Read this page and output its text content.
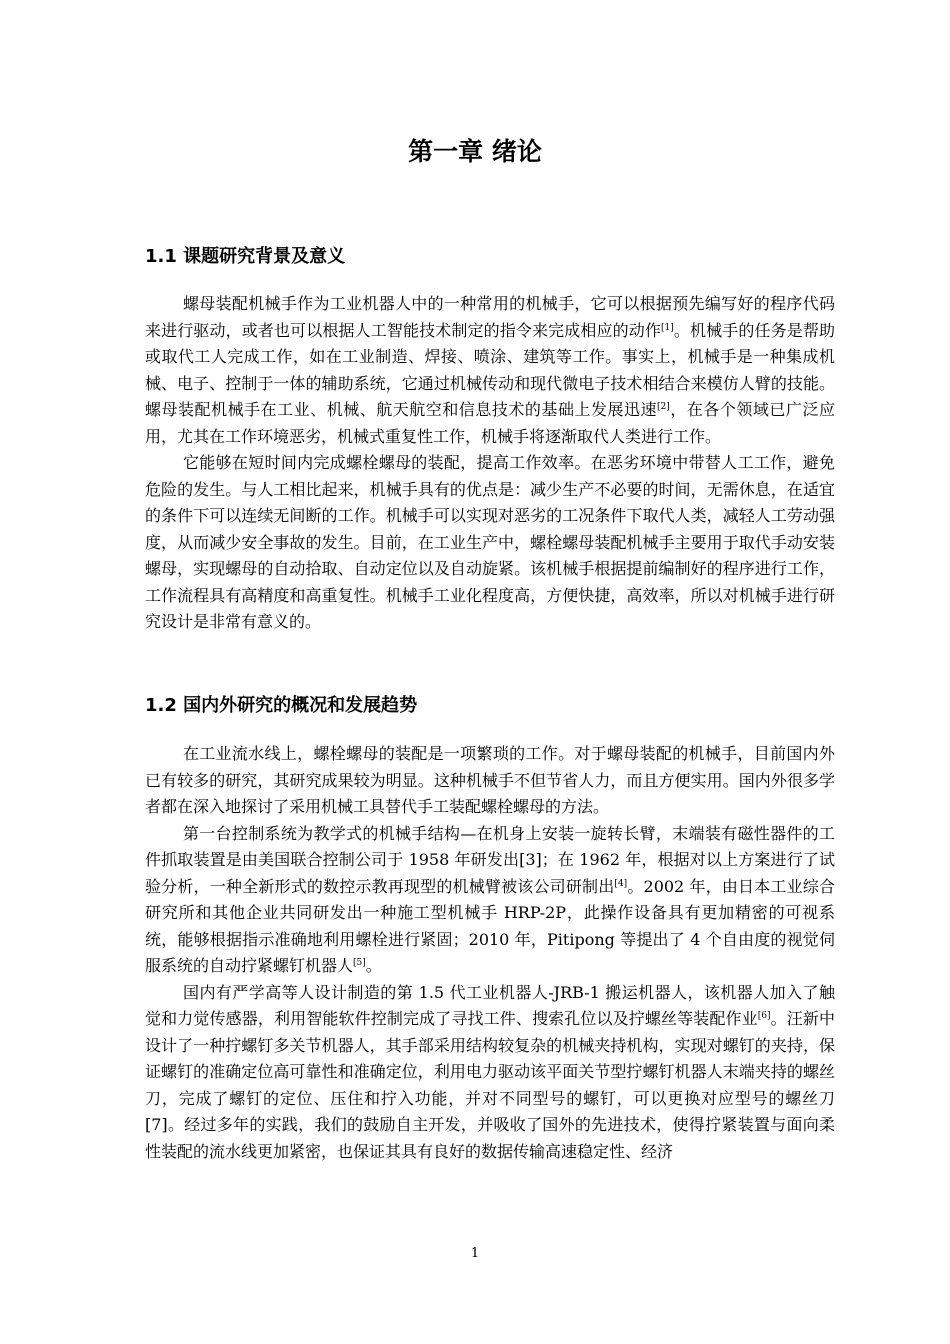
第一章 绪论
1.1 课题研究背景及意义

螺母装配机械手作为工业机器人中的一种常用的机械手，它可以根据预先编写好的程序代码来进行驱动，或者也可以根据人工智能技术制定的指令来完成相应的动作[1]。机械手的任务是帮助或取代工人完成工作，如在工业制造、焊接、喷涂、建筑等工作。事实上，机械手是一种集成机械、电子、控制于一体的辅助系统，它通过机械传动和现代微电子技术相结合来模仿人臂的技能。螺母装配机械手在工业、机械、航天航空和信息技术的基础上发展迅速[2]，在各个领域已广泛应用，尤其在工作环境恶劣，机械式重复性工作，机械手将逐渐取代人类进行工作。

它能够在短时间内完成螺栓螺母的装配，提高工作效率。在恶劣环境中带替人工工作，避免危险的发生。与人工相比起来，机械手具有的优点是：减少生产不必要的时间，无需休息，在适宜的条件下可以连续无间断的工作。机械手可以实现对恶劣的工况条件下取代人类，减轻人工劳动强度，从而减少安全事故的发生。目前，在工业生产中，螺栓螺母装配机械手主要用于取代手动安装螺母，实现螺母的自动拾取、自动定位以及自动旋紧。该机械手根据提前编制好的程序进行工作，工作流程具有高精度和高重复性。机械手工业化程度高，方便快捷，高效率，所以对机械手进行研究设计是非常有意义的。

1.2 国内外研究的概况和发展趋势

在工业流水线上，螺栓螺母的装配是一项繁琐的工作。对于螺母装配的机械手，目前国内外已有较多的研究，其研究成果较为明显。这种机械手不但节省人力，而且方便实用。国内外很多学者都在深入地探讨了采用机械工具替代手工装配螺栓螺母的方法。

第一台控制系统为教学式的机械手结构—在机身上安装一旋转长臂，末端装有磁性器件的工件抓取装置是由美国联合控制公司于 1958 年研发出[3]；在 1962 年，根据对以上方案进行了试验分析，一种全新形式的数控示教再现型的机械臂被该公司研制出[4]。2002 年，由日本工业综合研究所和其他企业共同研发出一种施工型机械手 HRP-2P，此操作设备具有更加精密的可视系统，能够根据指示准确地利用螺栓进行紧固；2010 年，Pitipong 等提出了 4 个自由度的视觉伺服系统的自动拧紧螺钉机器人[5]。

国内有严学高等人设计制造的第 1.5 代工业机器人-JRB-1 搬运机器人，该机器人加入了触觉和力觉传感器，利用智能软件控制完成了寻找工件、搜索孔位以及拧螺丝等装配作业[6]。汪新中设计了一种拧螺钉多关节机器人，其手部采用结构较复杂的机械夹持机构，实现对螺钉的夹持，保证螺钉的准确定位高可靠性和准确定位，利用电力驱动该平面关节型拧螺钉机器人末端夹持的螺丝刀，完成了螺钉的定位、压住和拧入功能，并对不同型号的螺钉，可以更换对应型号的螺丝刀 [7]。经过多年的实践，我们的鼓励自主开发，并吸收了国外的先进技术，使得拧紧装置与面向柔性装配的流水线更加紧密，也保证其具有良好的数据传输高速稳定性、经济

1
